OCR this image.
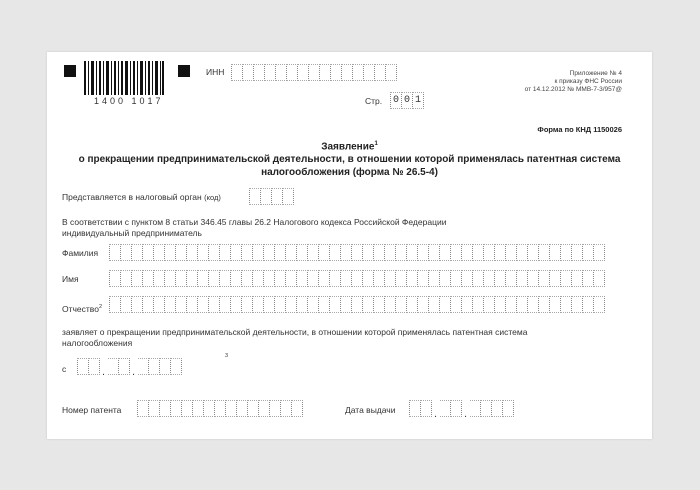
1400 1017
ИНН
Стр. 0 0 1
Приложение № 4
к приказу ФНС России
от 14.12.2012 № ММВ-7-3/957@
Форма по КНД 1150026
Заявление$^1$
о прекращении предпринимательской деятельности, в отношении которой применялась патентная система
налогообложения (форма № 26.5-4)
Представляется в налоговый орган (код)
В соответствии с пунктом 8 статьи 346.45 главы 26.2 Налогового кодекса Российской Федерации
индивидуальный предприниматель
Фамилия
Имя
Отчество$^2$
заявляет о прекращении предпринимательской деятельности, в отношении которой применялась патентная система
налогообложения
с
.
.
$^3$
Номер патента	Дата выдачи
.
.
